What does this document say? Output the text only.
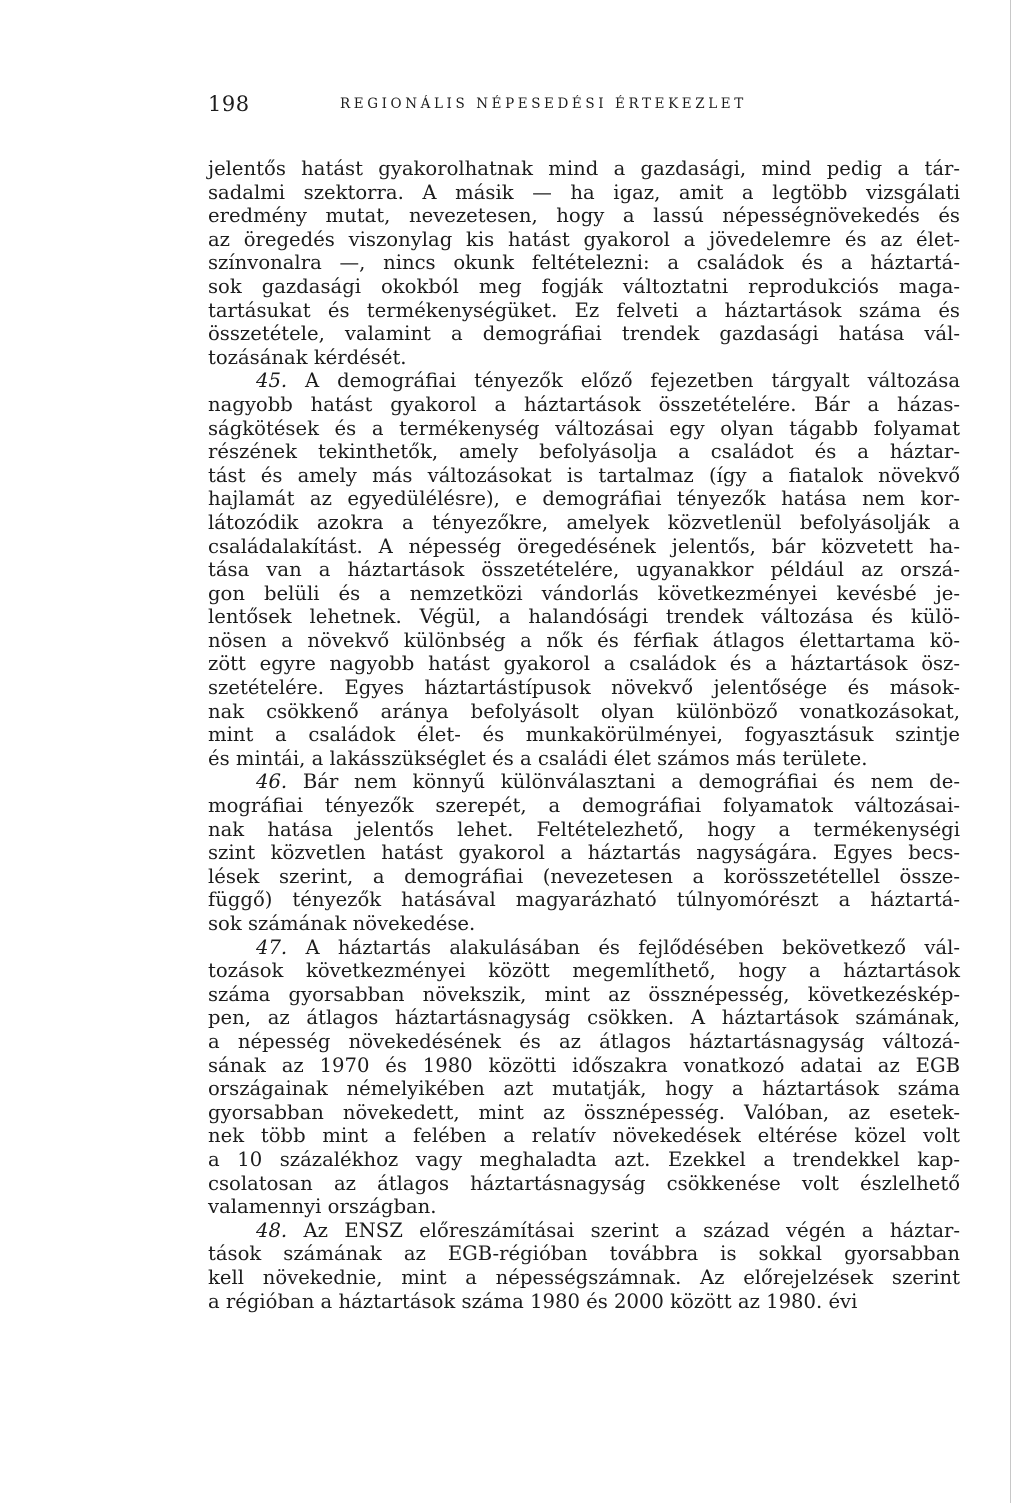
198	REGIONÁLIS NÉPESEDÉSI ÉRTEKEZLET

jelentős hatást gyakorolhatnak mind a gazdasági, mind pedig a tár-

sadalmi szektorra. A másik — ha igaz, amit a legtöbb vizsgálati

eredmény mutat, nevezetesen, hogy a lassú népességnövekedés és

az öregedés viszonylag kis hatást gyakorol a jövedelemre és az élet-

színvonalra —, nincs okunk feltételezni: a családok és a háztartá-

sok gazdasági okokból meg fogják változtatni reprodukciós maga-

tartásukat és termékenységüket. Ez felveti a háztartások száma és

összetétele, valamint a demográfiai trendek gazdasági hatása vál-

tozásának kérdését.

45. A demográfiai tényezők előző fejezetben tárgyalt változása

nagyobb hatást gyakorol a háztartások összetételére. Bár a házas-

ságkötések és a termékenység változásai egy olyan tágabb folyamat

részének tekinthetők, amely befolyásolja a családot és a háztar-

tást és amely más változásokat is tartalmaz (így a fiatalok növekvő

hajlamát az egyedülélésre), e demográfiai tényezők hatása nem kor-

látozódik azokra a tényezőkre, amelyek közvetlenül befolyásolják a

családalakítást. A népesség öregedésének jelentős, bár közvetett ha-

tása van a háztartások összetételére, ugyanakkor például az orszá-

gon belüli és a nemzetközi vándorlás következményei kevésbé je-

lentősek lehetnek. Végül, a halandósági trendek változása és külö-

nösen a növekvő különbség a nők és férfiak átlagos élettartama kö-

zött egyre nagyobb hatást gyakorol a családok és a háztartások ösz-

szetételére. Egyes háztartástípusok növekvő jelentősége és mások-

nak csökkenő aránya befolyásolt olyan különböző vonatkozásokat,

mint a családok élet- és munkakörülményei, fogyasztásuk szintje

és mintái, a lakásszükséglet és a családi élet számos más területe.

46. Bár nem könnyű különválasztani a demográfiai és nem de-

mográfiai tényezők szerepét, a demográfiai folyamatok változásai-

nak hatása jelentős lehet. Feltételezhető, hogy a termékenységi

szint közvetlen hatást gyakorol a háztartás nagyságára. Egyes becs-

lések szerint, a demográfiai (nevezetesen a korösszetétellel össze-

függő) tényezők hatásával magyarázható túlnyomórészt a háztartá-

sok számának növekedése.

47. A háztartás alakulásában és fejlődésében bekövetkező vál-

tozások következményei között megemlíthető, hogy a háztartások

száma gyorsabban növekszik, mint az össznépesség, következéskép-

pen, az átlagos háztartásnagyság csökken. A háztartások számának,

a népesség növekedésének és az átlagos háztartásnagyság változá-

sának az 1970 és 1980 közötti időszakra vonatkozó adatai az EGB

országainak némelyikében azt mutatják, hogy a háztartások száma

gyorsabban növekedett, mint az össznépesség. Valóban, az esetek-

nek több mint a felében a relatív növekedések eltérése közel volt

a 10 százalékhoz vagy meghaladta azt. Ezekkel a trendekkel kap-

csolatosan az átlagos háztartásnagyság csökkenése volt észlelhető

valamennyi országban.

48. Az ENSZ előreszámításai szerint a század végén a háztar-

tások számának az EGB-régióban továbbra is sokkal gyorsabban

kell növekednie, mint a népességszámnak. Az előrejelzések szerint

a régióban a háztartások száma 1980 és 2000 között az 1980. évi
